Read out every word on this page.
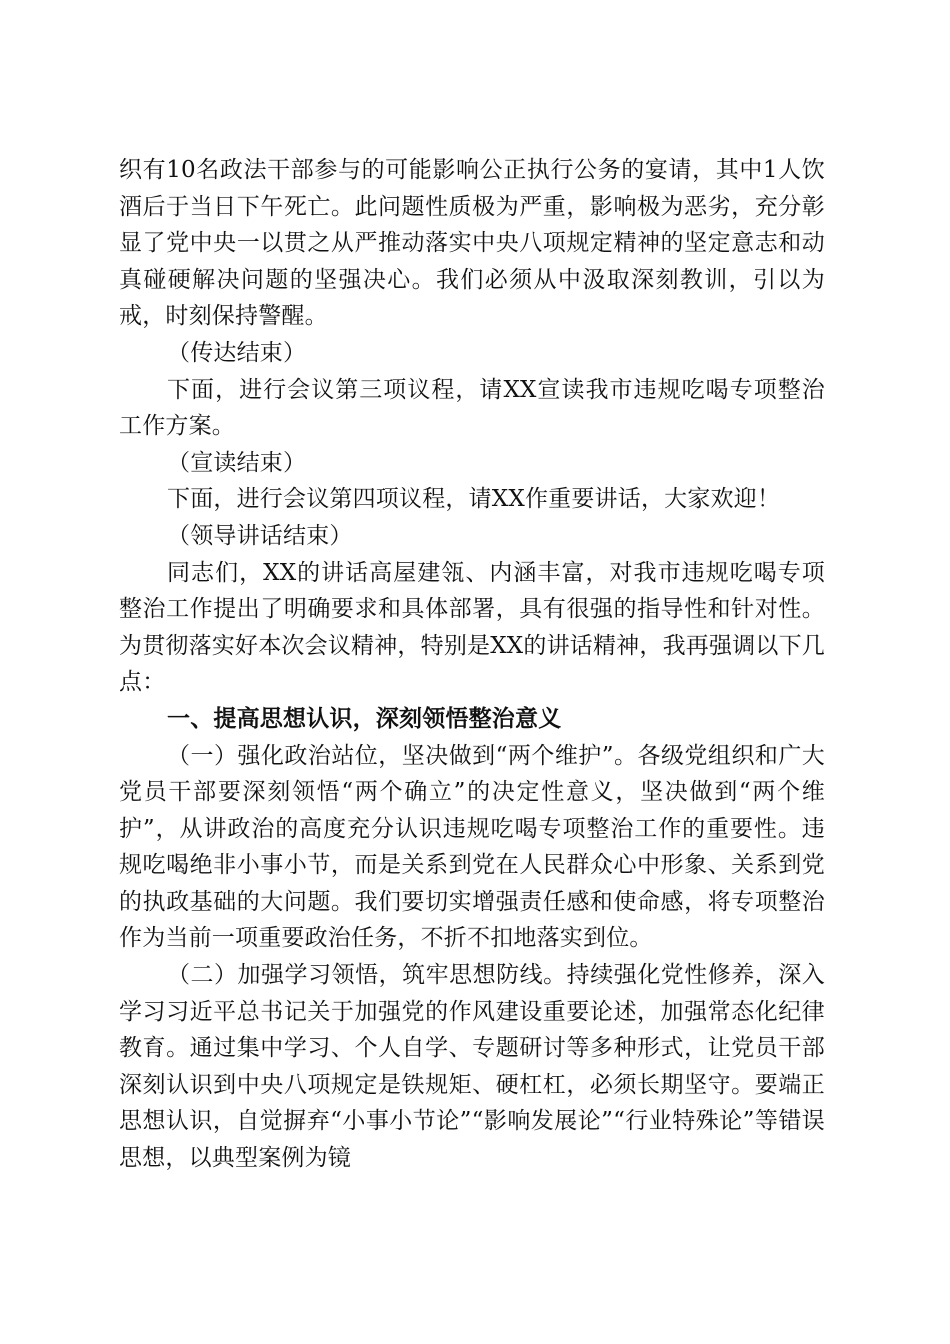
织有10名政法干部参与的可能影响公正执行公务的宴请，其中1人饮酒后于当日下午死亡。此问题性质极为严重，影响极为恶劣，充分彰显了党中央一以贯之从严推动落实中央八项规定精神的坚定意志和动真碰硬解决问题的坚强决心。我们必须从中汲取深刻教训，引以为戒，时刻保持警醒。

（传达结束）

下面，进行会议第三项议程，请XX宣读我市违规吃喝专项整治工作方案。

（宣读结束）

下面，进行会议第四项议程，请XX作重要讲话，大家欢迎！

（领导讲话结束）

同志们，XX的讲话高屋建瓴、内涵丰富，对我市违规吃喝专项整治工作提出了明确要求和具体部署，具有很强的指导性和针对性。为贯彻落实好本次会议精神，特别是XX的讲话精神，我再强调以下几点：

一、提高思想认识，深刻领悟整治意义

（一）强化政治站位，坚决做到“两个维护”。各级党组织和广大党员干部要深刻领悟“两个确立”的决定性意义，坚决做到“两个维护”，从讲政治的高度充分认识违规吃喝专项整治工作的重要性。违规吃喝绝非小事小节，而是关系到党在人民群众心中形象、关系到党的执政基础的大问题。我们要切实增强责任感和使命感，将专项整治作为当前一项重要政治任务，不折不扣地落实到位。

（二）加强学习领悟，筑牢思想防线。持续强化党性修养，深入学习习近平总书记关于加强党的作风建设重要论述，加强常态化纪律教育。通过集中学习、个人自学、专题研讨等多种形式，让党员干部深刻认识到中央八项规定是铁规矩、硬杠杠，必须长期坚守。要端正思想认识，自觉摒弃“小事小节论”“影响发展论”“行业特殊论”等错误思想，以典型案例为镜
